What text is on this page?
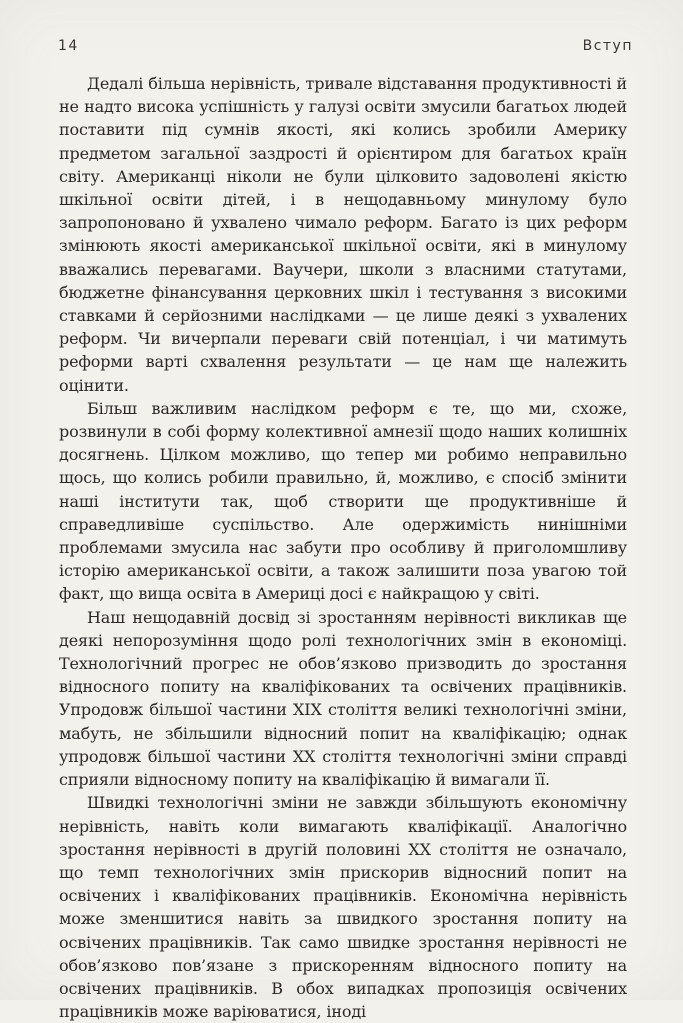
14	Вступ

Дедалі більша нерівність, тривале відставання продуктивності й не надто висока успішність у галузі освіти змусили багатьох людей поставити під сумнів якості, які колись зробили Америку предметом загальної заздрості й орієнтиром для багатьох країн світу. Американці ніколи не були цілковито задоволені якістю шкільної освіти дітей, і в нещодавньому минулому було запропоновано й ухвалено чимало реформ. Багато із цих реформ змінюють якості американської шкільної освіти, які в минулому вважались перевагами. Ваучери, школи з власними статутами, бюджетне фінансування церковних шкіл і тестування з високими ставками й серйозними наслідками — це лише деякі з ухвалених реформ. Чи вичерпали переваги свій потенціал, і чи матимуть реформи варті схвалення результати — це нам ще належить оцінити.

Більш важливим наслідком реформ є те, що ми, схоже, розвинули в собі форму колективної амнезії щодо наших колишніх досягнень. Цілком можливо, що тепер ми робимо неправильно щось, що колись робили правильно, й, можливо, є спосіб змінити наші інститути так, щоб створити ще продуктивніше й справедливіше суспільство. Але одержимість нинішніми проблемами змусила нас забути про особливу й приголомшливу історію американської освіти, а також залишити поза увагою той факт, що вища освіта в Америці досі є найкращою у світі.

Наш нещодавній досвід зі зростанням нерівності викликав ще деякі непорозуміння щодо ролі технологічних змін в економіці. Технологічний прогрес не обов’язково призводить до зростання відносного попиту на кваліфікованих та освічених працівників. Упродовж більшої частини XIX століття великі технологічні зміни, мабуть, не збільшили відносний попит на кваліфікацію; однак упродовж більшої частини XX століття технологічні зміни справді сприяли відносному попиту на кваліфікацію й вимагали її.

Швидкі технологічні зміни не завжди збільшують економічну нерівність, навіть коли вимагають кваліфікації. Аналогічно зростання нерівності в другій половині XX століття не означало, що темп технологічних змін прискорив відносний попит на освічених і кваліфікованих працівників. Економічна нерівність може зменшитися навіть за швидкого зростання попиту на освічених працівників. Так само швидке зростання нерівності не обов’язково пов’язане з прискоренням відносного попиту на освічених працівників. В обох випадках пропозиція освічених працівників може варіюватися, іноді
